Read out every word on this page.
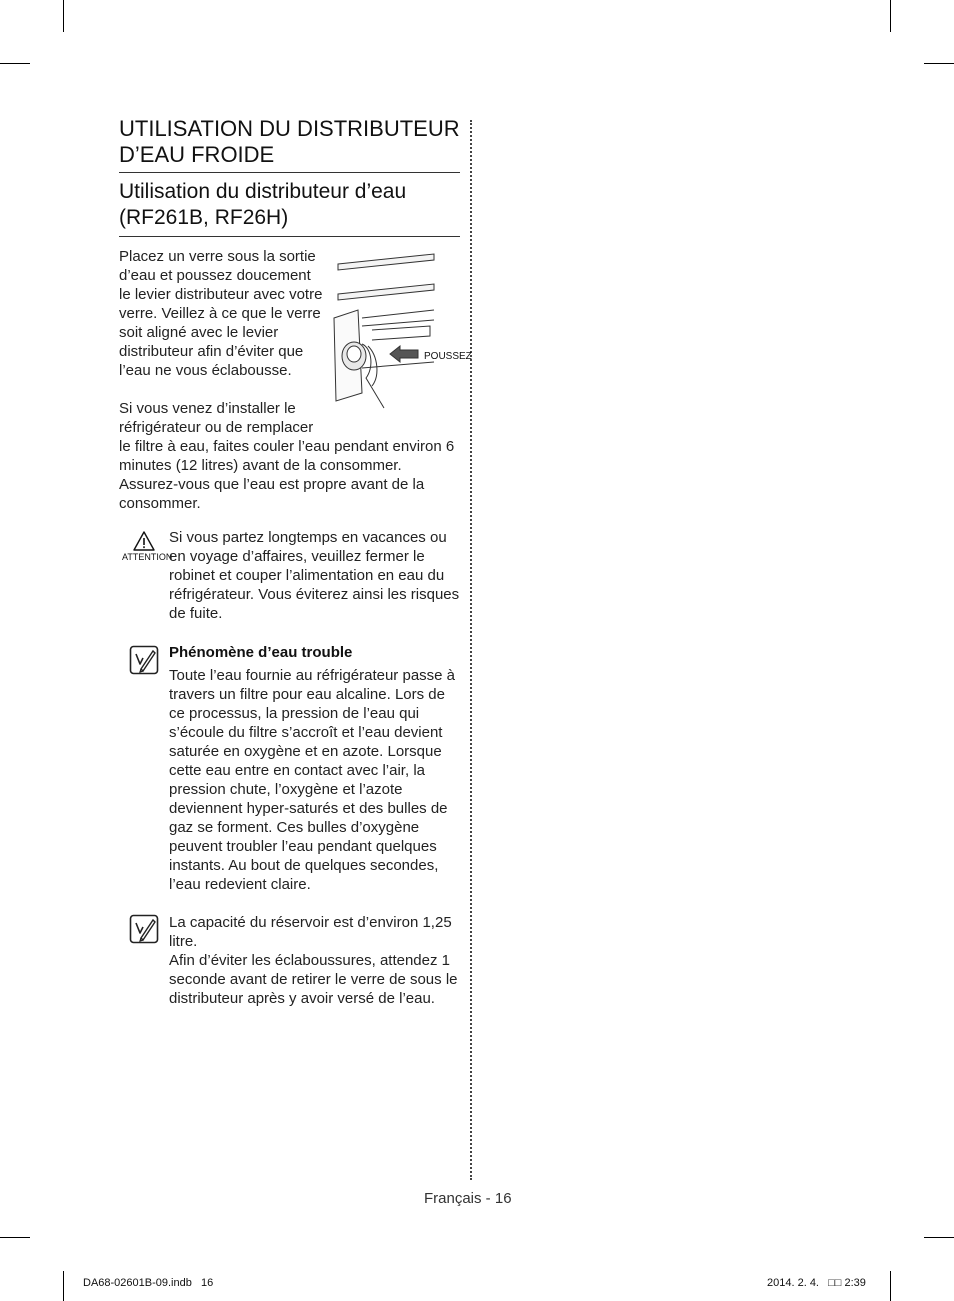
UTILISATION DU DISTRIBUTEUR
D’EAU FROIDE
Utilisation du distributeur d’eau
(RF261B, RF26H)

Placez un verre sous la sortie d’eau et poussez doucement le levier distributeur avec votre verre. Veillez à ce que le verre soit aligné avec le levier distributeur afin d’éviter que l’eau ne vous éclabousse.

POUSSEZ

Si vous venez d’installer le réfrigérateur ou de remplacer

le filtre à eau, faites couler l’eau pendant environ 6 minutes (12 litres) avant de la consommer. Assurez-vous que l’eau est propre avant de la consommer.

ATTENTION

Si vous partez longtemps en vacances ou en voyage d’affaires, veuillez fermer le robinet et couper l’alimentation en eau du réfrigérateur. Vous éviterez ainsi les risques de fuite.

Phénomène d’eau trouble

Toute l’eau fournie au réfrigérateur passe à travers un filtre pour eau alcaline. Lors de ce processus, la pression de l’eau qui s’écoule du filtre s’accroît et l’eau devient saturée en oxygène et en azote. Lorsque cette eau entre en contact avec l’air, la pression chute, l’oxygène et l’azote deviennent hyper-saturés et des bulles de gaz se forment. Ces bulles d’oxygène peuvent troubler l’eau pendant quelques instants. Au bout de quelques secondes, l’eau redevient claire.

La capacité du réservoir est d’environ 1,25 litre.
Afin d’éviter les éclaboussures, attendez 1 seconde avant de retirer le verre de sous le distributeur après y avoir versé de l’eau.

Français - 16
DA68-02601B-09.indb   16	2014. 2. 4.   □□ 2:39
